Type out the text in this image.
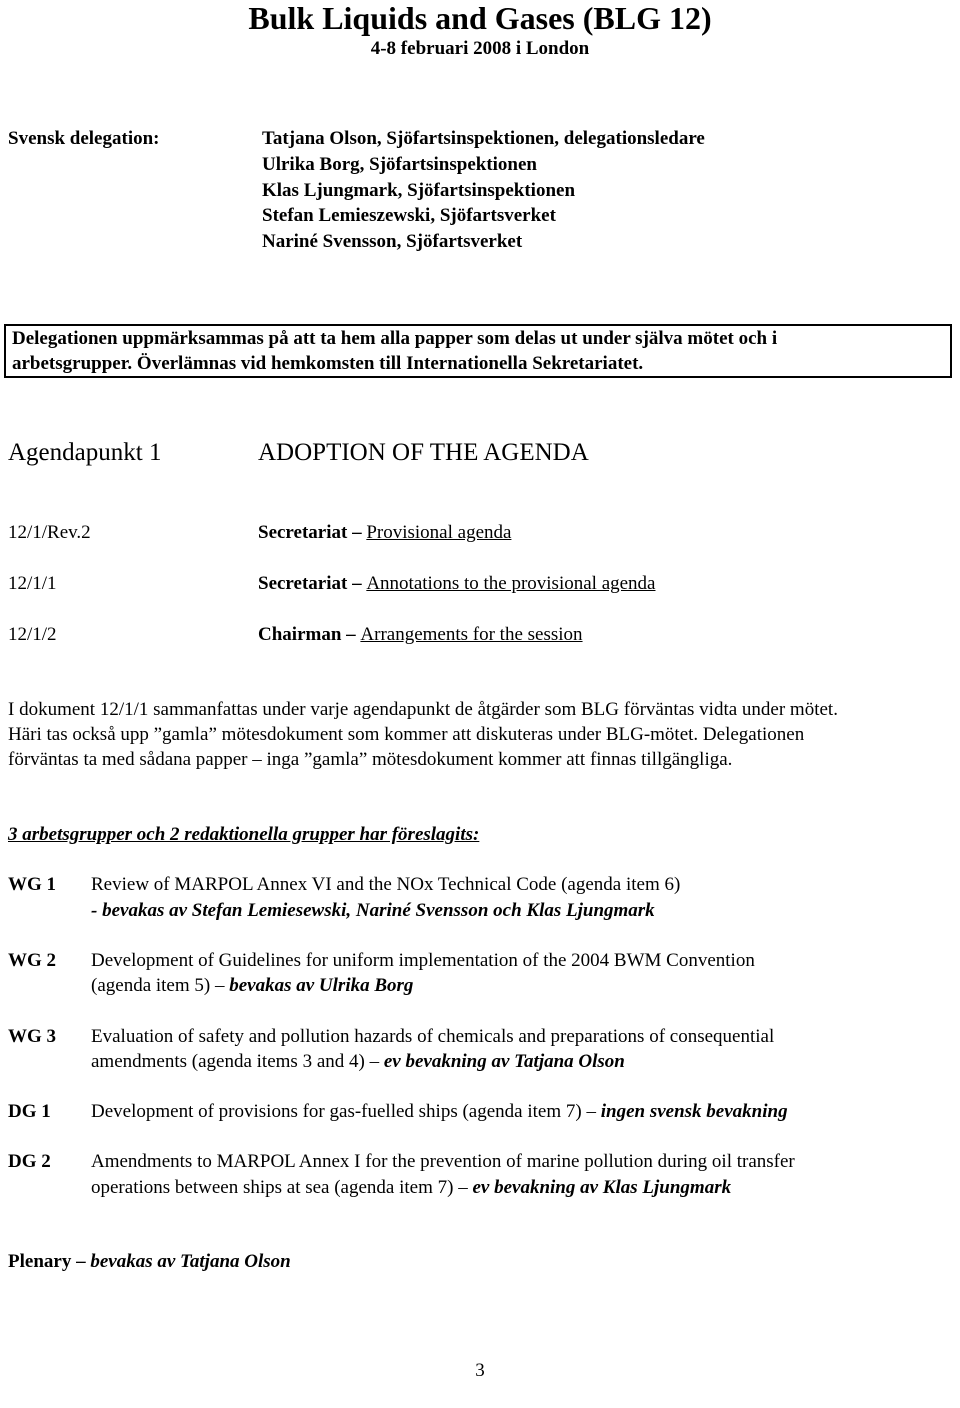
Bulk Liquids and Gases (BLG 12)
4-8 februari 2008 i London
Svensk delegation:	Tatjana Olson, Sjöfartsinspektionen, delegationsledare
Ulrika Borg, Sjöfartsinspektionen
Klas Ljungmark, Sjöfartsinspektionen
Stefan Lemieszewski, Sjöfartsverket
Nariné Svensson, Sjöfartsverket

Delegationen uppmärksammas på att ta hem alla papper som delas ut under själva mötet och i

arbetsgrupper. Överlämnas vid hemkomsten till Internationella Sekretariatet.

Agendapunkt 1	ADOPTION OF THE AGENDA
12/1/Rev.2	Secretariat – Provisional agenda
12/1/1	Secretariat – Annotations to the provisional agenda
12/1/2	Chairman – Arrangements for the session
I dokument 12/1/1 sammanfattas under varje agendapunkt de åtgärder som BLG förväntas vidta under mötet.
Häri tas också upp ”gamla” mötesdokument som kommer att diskuteras under BLG-mötet. Delegationen
förväntas ta med sådana papper – inga ”gamla” mötesdokument kommer att finnas tillgängliga.
3 arbetsgrupper och 2 redaktionella grupper har föreslagits:
WG 1 Review of MARPOL Annex VI and the NOx Technical Code (agenda item 6)
- bevakas av Stefan Lemiesewski, Nariné Svensson och Klas Ljungmark
WG 2 Development of Guidelines for uniform implementation of the 2004 BWM Convention
(agenda item 5) – bevakas av Ulrika Borg
WG 3 Evaluation of safety and pollution hazards of chemicals and preparations of consequential
amendments (agenda items 3 and 4) – ev bevakning av Tatjana Olson
DG 1 Development of provisions for gas-fuelled ships (agenda item 7) – ingen svensk bevakning
DG 2 Amendments to MARPOL Annex I for the prevention of marine pollution during oil transfer
operations between ships at sea (agenda item 7) – ev bevakning av Klas Ljungmark
Plenary – bevakas av Tatjana Olson
3
